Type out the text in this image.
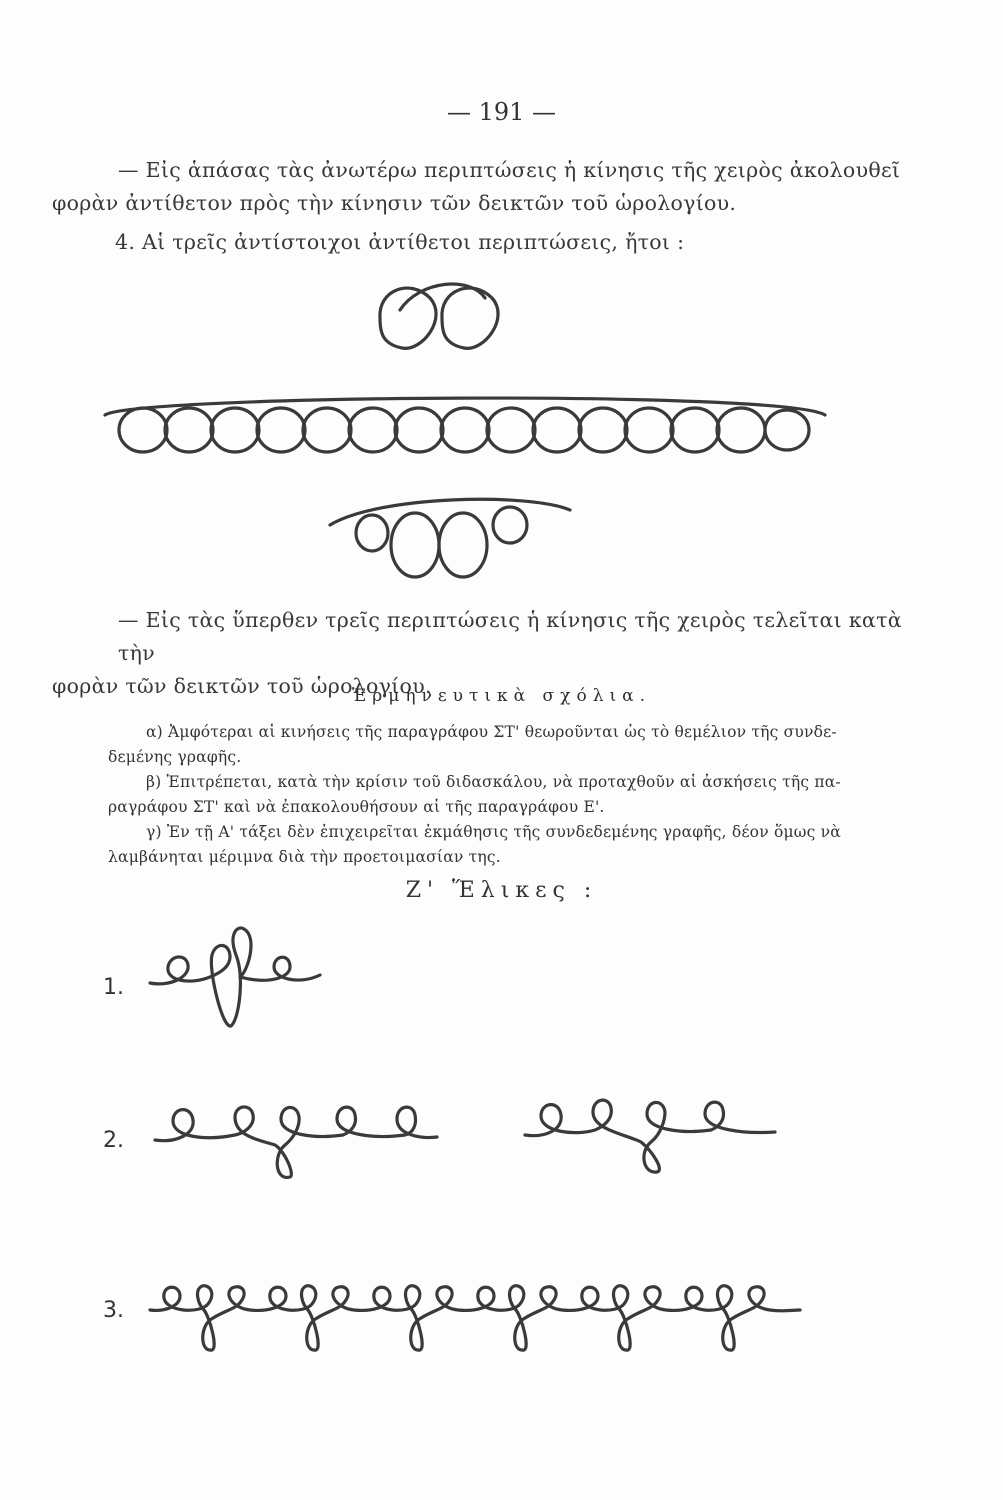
— 191 —
— Εἰς ἁπάσας τὰς ἀνωτέρω περιπτώσεις ἡ κίνησις τῆς χειρὸς ἀκολουθεῖ
φορὰν ἀντίθετον πρὸς τὴν κίνησιν τῶν δεικτῶν τοῦ ὡρολογίου.
4. Αἱ τρεῖς ἀντίστοιχοι ἀντίθετοι περιπτώσεις, ἤτοι :
— Εἰς τὰς ὕπερθεν τρεῖς περιπτώσεις ἡ κίνησις τῆς χειρὸς τελεῖται κατὰ τὴν
φορὰν τῶν δεικτῶν τοῦ ὡρολογίου.
Ἑρμηνευτικὰ σχόλια.
α) Ἀμφότεραι αἱ κινήσεις τῆς παραγράφου ΣΤ' θεωροῦνται ὡς τὸ θεμέλιον τῆς συνδε-
δεμένης γραφῆς.
β) Ἐπιτρέπεται, κατὰ τὴν κρίσιν τοῦ διδασκάλου, νὰ προταχθοῦν αἱ ἀσκήσεις τῆς πα-
ραγράφου ΣΤ' καὶ νὰ ἐπακολουθήσουν αἱ τῆς παραγράφου Ε'.
γ) Ἐν τῇ Α' τάξει δὲν ἐπιχειρεῖται ἐκμάθησις τῆς συνδεδεμένης γραφῆς, δέον ὅμως νὰ
λαμβάνηται μέριμνα διὰ τὴν προετοιμασίαν της.
Ζ' Ἕλικες :
1.
2.
3.
